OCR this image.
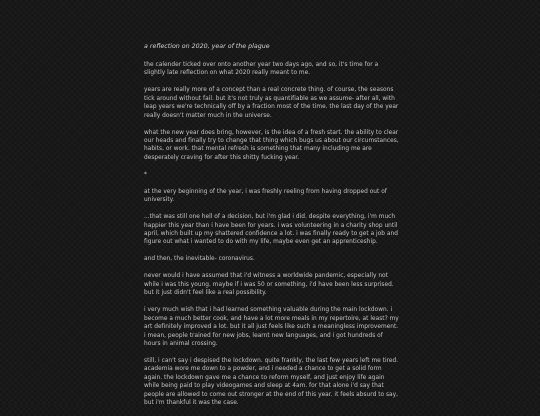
a reflection on 2020, year of the plague

the calender ticked over onto another year two days ago, and so, it's time for a slightly late reflection on what 2020 really meant to me.

years are really more of a concept than a real concrete thing. of course, the seasons tick around without fail. but it's not truly as quantifiable as we assume- after all, with leap years we're technically off by a fraction most of the time. the last day of the year really doesn't matter much in the universe.

what the new year does bring, however, is the idea of a fresh start. the ability to clear our heads and finally try to change that thing which bugs us about our circumstances, habits, or work. that mental refresh is something that many including me are desperately craving for after this shitty fucking year.

*

at the very beginning of the year, i was freshly reeling from having dropped out of university.

...that was still one hell of a decision, but i'm glad i did. despite everything, i'm much happier this year than i have been for years. i was volunteering in a charity shop until april, which built up my shattered confidence a lot. i was finally ready to get a job and figure out what i wanted to do with my life, maybe even get an apprenticeship.

and then, the inevitable- coronavirus.

never would i have assumed that i'd witness a worldwide pandemic, especially not while i was this young. maybe if i was 50 or something, i'd have been less surprised. but it just didn't feel like a real possibility.

i very much wish that i had learned something valuable during the main lockdown. i become a much better cook, and have a lot more meals in my repertoire, at least? my art definitely improved a lot. but it all just feels like such a meaningless improvement. i mean, people trained for new jobs, learnt new languages, and i got hundreds of hours in animal crossing.

still, i can't say i despised the lockdown. quite frankly, the last few years left me tired. academia wore me down to a powder, and i needed a chance to get a solid form again. the lockdown gave me a chance to reform myself, and just enjoy life again while being paid to play videogames and sleep at 4am. for that alone i'd say that people are allowed to come out stronger at the end of this year. it feels absurd to say, but i'm thankful it was the case.
